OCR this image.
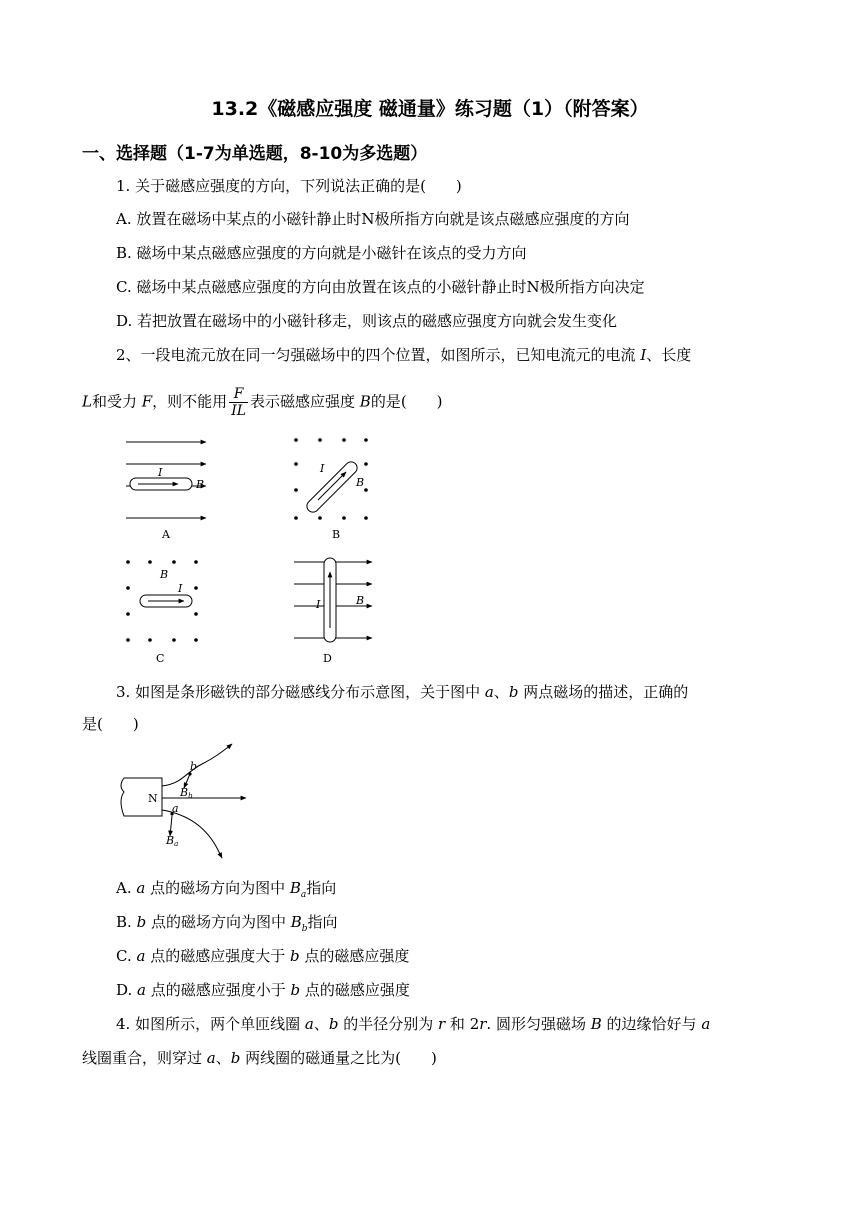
13.2《磁感应强度 磁通量》练习题（1）（附答案）
一、选择题（1-7为单选题，8-10为多选题）
1. 关于磁感应强度的方向，下列说法正确的是(　　)
A. 放置在磁场中某点的小磁针静止时N极所指方向就是该点磁感应强度的方向
B. 磁场中某点磁感应强度的方向就是小磁针在该点的受力方向
C. 磁场中某点磁感应强度的方向由放置在该点的小磁针静止时N极所指方向决定
D. 若把放置在磁场中的小磁针移走，则该点的磁感应强度方向就会发生变化
2、一段电流元放在同一匀强磁场中的四个位置，如图所示，已知电流元的电流 I、长度
L和受力 F，则不能用 $\frac{F}{IL}$ 表示磁感应强度 B的是(　　)
I
B
A
I
B
B
B
I
C
I	B
D
3. 如图是条形磁铁的部分磁感线分布示意图，关于图中 a、b 两点磁场的描述，正确的
是(　　)
N
b
Bb
a
Ba
A. a 点的磁场方向为图中 $B_a$指向
B. b 点的磁场方向为图中 $B_b$指向
C. a 点的磁感应强度大于 b 点的磁感应强度
D. a 点的磁感应强度小于 b 点的磁感应强度
4. 如图所示，两个单匝线圈 a、b 的半径分别为 r 和 2r. 圆形匀强磁场 B 的边缘恰好与 a
线圈重合，则穿过 a、b 两线圈的磁通量之比为(　　)
